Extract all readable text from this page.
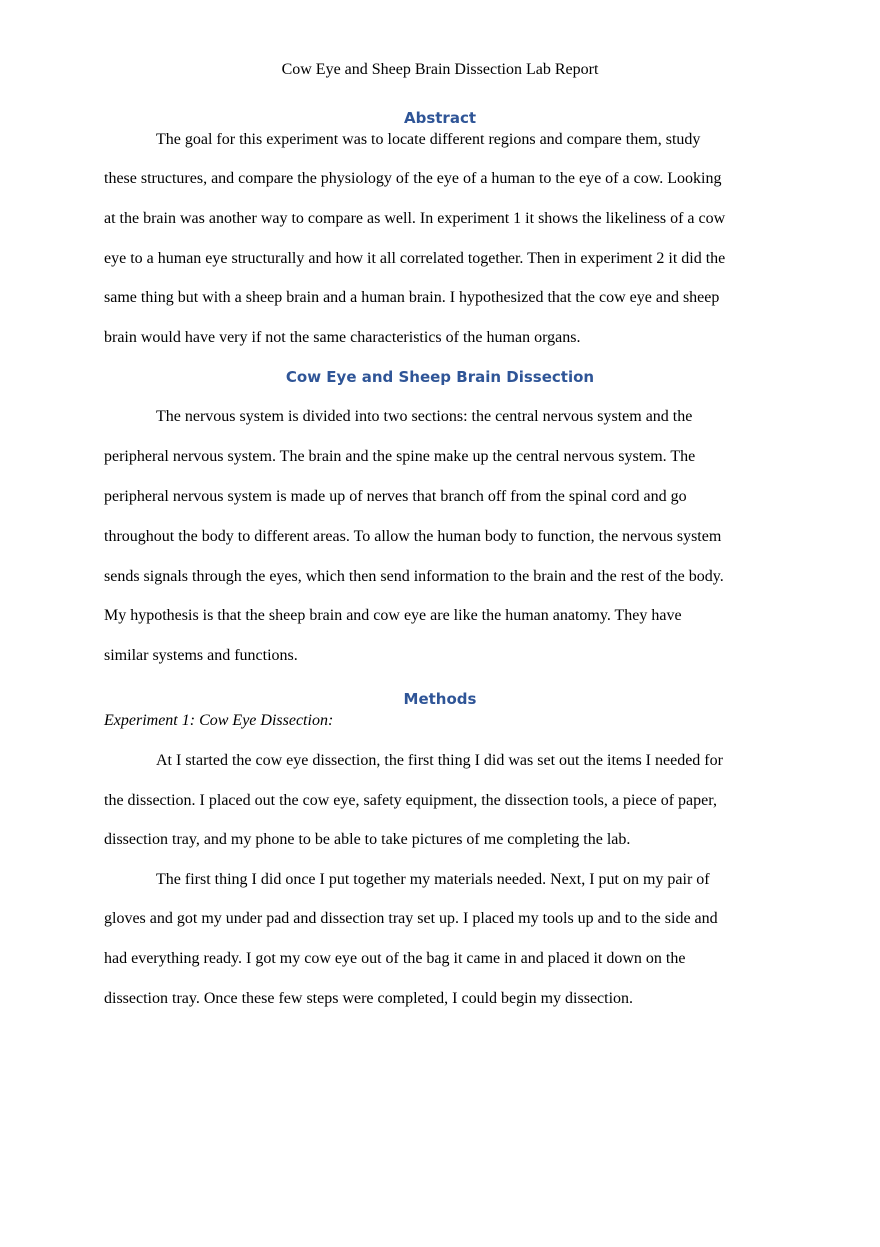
Cow Eye and Sheep Brain Dissection Lab Report

Abstract

The goal for this experiment was to locate different regions and compare them, study

these structures, and compare the physiology of the eye of a human to the eye of a cow. Looking

at the brain was another way to compare as well. In experiment 1 it shows the likeliness of a cow

eye to a human eye structurally and how it all correlated together. Then in experiment 2 it did the

same thing but with a sheep brain and a human brain. I hypothesized that the cow eye and sheep

brain would have very if not the same characteristics of the human organs.

Cow Eye and Sheep Brain Dissection

The nervous system is divided into two sections: the central nervous system and the

peripheral nervous system. The brain and the spine make up the central nervous system. The

peripheral nervous system is made up of nerves that branch off from the spinal cord and go

throughout the body to different areas. To allow the human body to function, the nervous system

sends signals through the eyes, which then send information to the brain and the rest of the body.

My hypothesis is that the sheep brain and cow eye are like the human anatomy. They have

similar systems and functions.

Methods

Experiment 1: Cow Eye Dissection:

At I started the cow eye dissection, the first thing I did was set out the items I needed for

the dissection. I placed out the cow eye, safety equipment, the dissection tools, a piece of paper,

dissection tray, and my phone to be able to take pictures of me completing the lab.

The first thing I did once I put together my materials needed. Next, I put on my pair of

gloves and got my under pad and dissection tray set up. I placed my tools up and to the side and

had everything ready. I got my cow eye out of the bag it came in and placed it down on the

dissection tray. Once these few steps were completed, I could begin my dissection.
